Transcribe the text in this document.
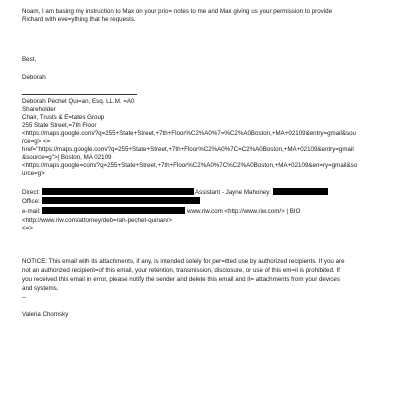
Noam, I am basing my instruction to Max on your prio= notes to me and Max giving us your permission to provide
Richard with eve=ything that he requests.
Best,
Deborah
Deborah Pechet Qui=an, Esq. LL.M. =A0
Shareholder
Chair, Trusts & E=tates Group
255 State Street,=7th Floor
<https://maps.google.com/?q=255+State+Street,+7th+Floor%C2%A0%7=%C2%A0Boston,+MA+02109&entry=gmail&sou
rce=g> <=
href="https://maps.google.com/?q=255+State+Street,+7th+Floor%C2%A0%7C=C2%A0Boston,+MA+02109&entry=gmail
&source=g">| Boston, MA 02109
<https://maps.google=com/?q=255+State+Street,+7th+Floor%C2%A0%7C%C2%A0Boston,+MA+02109&en=ry=gmail&so
urce=g>
Direct:	Assistant - Jayne Mahoney:
Office:
e-mail:	www.riw.com <http://www.riw.com/> | BIO
<http://www.riw.com/attorney/deb=rah-pechet-quinan/>
<=>
NOTICE: This email with its attachments, if any, is intended solely for per=itted use by authorized recipients. If you are
not an authorized recipient=of this email, your retention, transmission, disclosure, or use of this em=il is prohibited. If
you received this email in error, please notify the sender and delete this email and it= attachments from your devices
and systems.
--
Valeria Chomsky
